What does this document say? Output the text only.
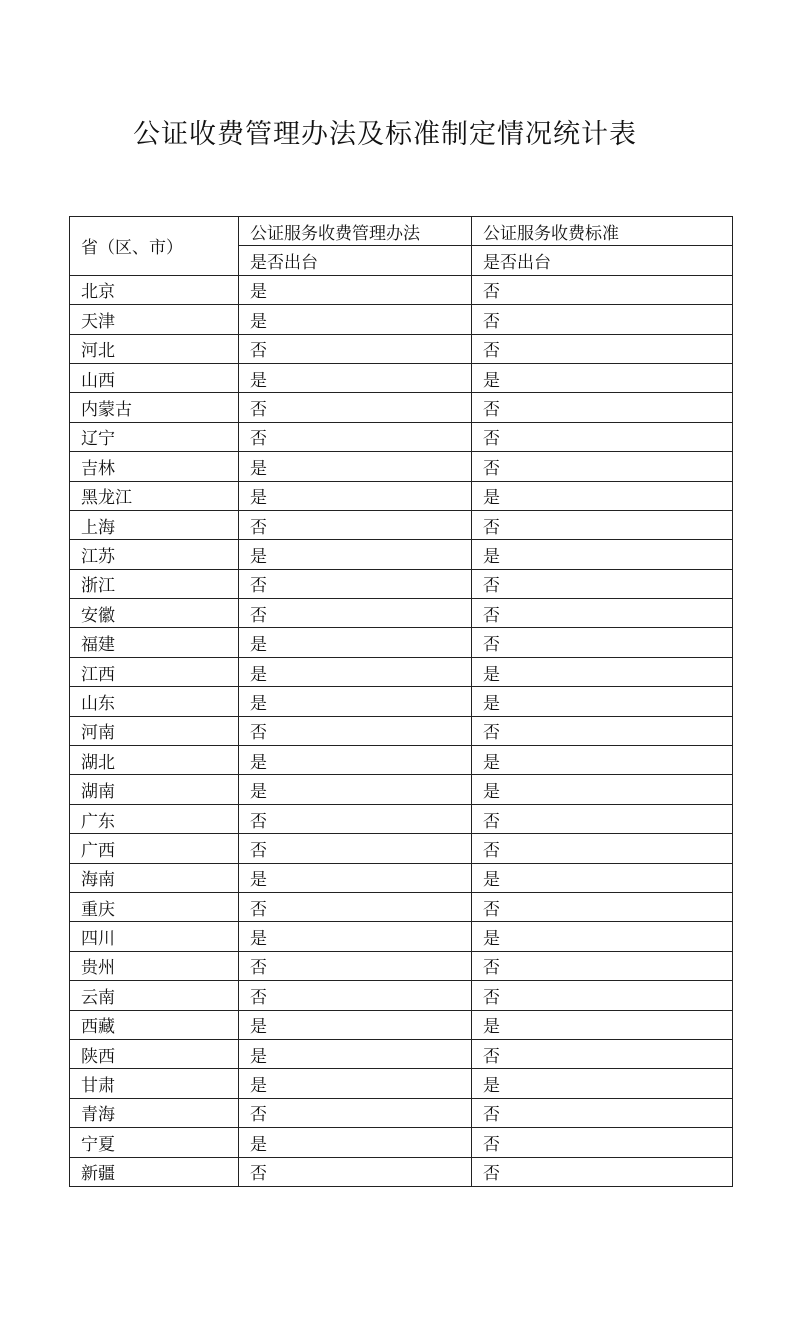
公证收费管理办法及标准制定情况统计表
省（区、市）	公证服务收费管理办法	公证服务收费标准
	是否出台	是否出台
北京	是	否
天津	是	否
河北	否	否
山西	是	是
内蒙古	否	否
辽宁	否	否
吉林	是	否
黑龙江	是	是
上海	否	否
江苏	是	是
浙江	否	否
安徽	否	否
福建	是	否
江西	是	是
山东	是	是
河南	否	否
湖北	是	是
湖南	是	是
广东	否	否
广西	否	否
海南	是	是
重庆	否	否
四川	是	是
贵州	否	否
云南	否	否
西藏	是	是
陕西	是	否
甘肃	是	是
青海	否	否
宁夏	是	否
新疆	否	否
